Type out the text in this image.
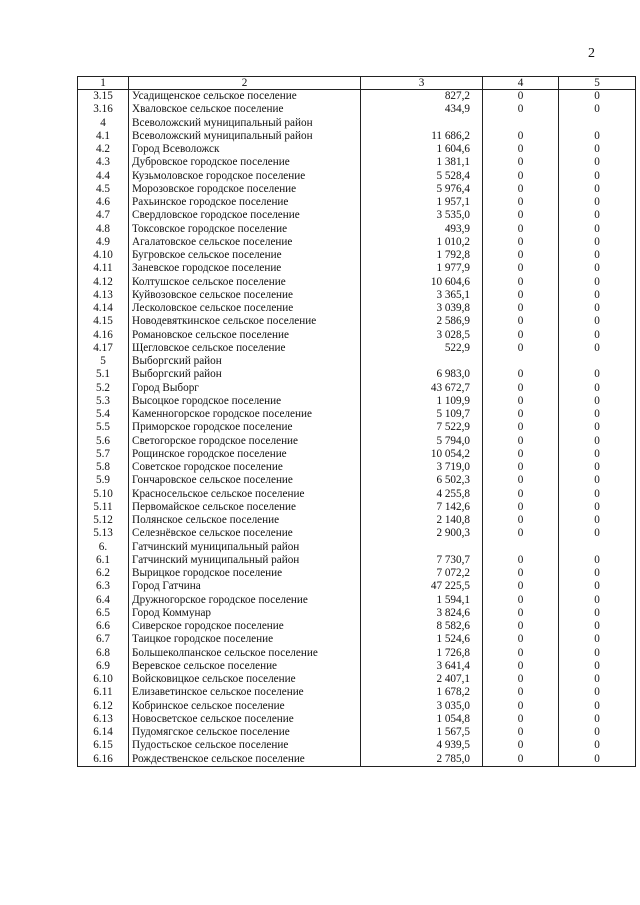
2
1	2	3	4	5
3.15	Усадищенское сельское поселение	827,2	0	0
3.16	Хваловское сельское поселение	434,9	0	0
4	Всеволожский муниципальный район			
4.1	Всеволожский муниципальный район	11 686,2	0	0
4.2	Город Всеволожск	1 604,6	0	0
4.3	Дубровское городское поселение	1 381,1	0	0
4.4	Кузьмоловское городское поселение	5 528,4	0	0
4.5	Морозовское городское поселение	5 976,4	0	0
4.6	Рахьинское городское поселение	1 957,1	0	0
4.7	Свердловское городское поселение	3 535,0	0	0
4.8	Токсовское городское поселение	493,9	0	0
4.9	Агалатовское сельское поселение	1 010,2	0	0
4.10	Бугровское сельское поселение	1 792,8	0	0
4.11	Заневское городское поселение	1 977,9	0	0
4.12	Колтушское сельское поселение	10 604,6	0	0
4.13	Куйвозовское сельское поселение	3 365,1	0	0
4.14	Лесколовское сельское поселение	3 039,8	0	0
4.15	Новодевяткинское сельское поселение	2 586,9	0	0
4.16	Романовское сельское поселение	3 028,5	0	0
4.17	Щегловское сельское поселение	522,9	0	0
5	Выборгский район			
5.1	Выборгский район	6 983,0	0	0
5.2	Город Выборг	43 672,7	0	0
5.3	Высоцкое городское поселение	1 109,9	0	0
5.4	Каменногорское городское поселение	5 109,7	0	0
5.5	Приморское городское поселение	7 522,9	0	0
5.6	Светогорское городское поселение	5 794,0	0	0
5.7	Рощинское городское поселение	10 054,2	0	0
5.8	Советское городское поселение	3 719,0	0	0
5.9	Гончаровское сельское поселение	6 502,3	0	0
5.10	Красносельское сельское поселение	4 255,8	0	0
5.11	Первомайское сельское поселение	7 142,6	0	0
5.12	Полянское сельское поселение	2 140,8	0	0
5.13	Селезнёвское сельское поселение	2 900,3	0	0
6.	Гатчинский муниципальный район			
6.1	Гатчинский муниципальный район	7 730,7	0	0
6.2	Вырицкое городское поселение	7 072,2	0	0
6.3	Город Гатчина	47 225,5	0	0
6.4	Дружногорское городское поселение	1 594,1	0	0
6.5	Город Коммунар	3 824,6	0	0
6.6	Сиверское городское поселение	8 582,6	0	0
6.7	Таицкое городское поселение	1 524,6	0	0
6.8	Большеколпанское сельское поселение	1 726,8	0	0
6.9	Веревское сельское поселение	3 641,4	0	0
6.10	Войсковицкое сельское поселение	2 407,1	0	0
6.11	Елизаветинское сельское поселение	1 678,2	0	0
6.12	Кобринское сельское поселение	3 035,0	0	0
6.13	Новосветское сельское поселение	1 054,8	0	0
6.14	Пудомягское сельское поселение	1 567,5	0	0
6.15	Пудостьское сельское поселение	4 939,5	0	0
6.16	Рождественское сельское поселение	2 785,0	0	0
